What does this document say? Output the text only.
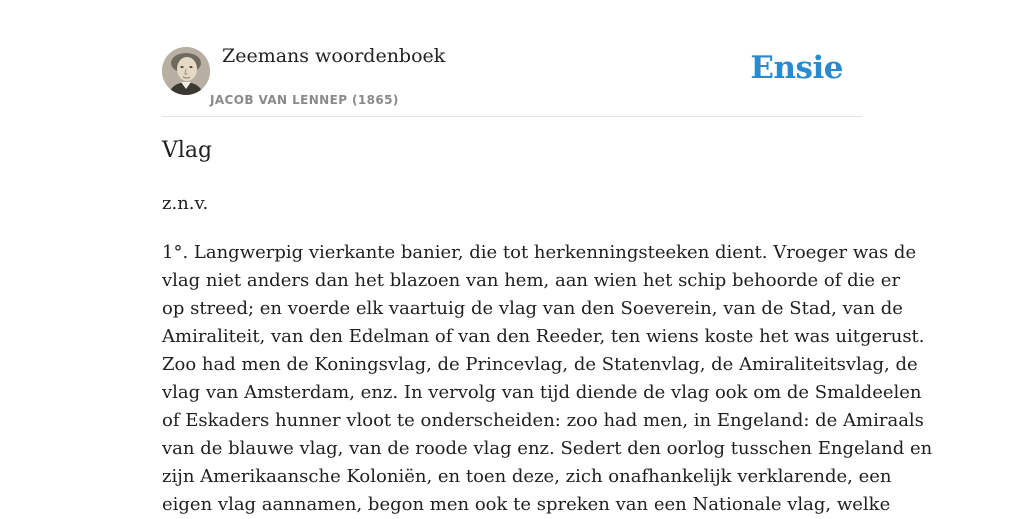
Zeemans woordenboek
JACOB VAN LENNEP (1865)
Ensie
Vlag

z.n.v.

1°. Langwerpig vierkante banier, die tot herkenningsteeken dient. Vroeger was de
vlag niet anders dan het blazoen van hem, aan wien het schip behoorde of die er
op streed; en voerde elk vaartuig de vlag van den Soeverein, van de Stad, van de
Amiraliteit, van den Edelman of van den Reeder, ten wiens koste het was uitgerust.
Zoo had men de Koningsvlag, de Princevlag, de Statenvlag, de Amiraliteitsvlag, de
vlag van Amsterdam, enz. In vervolg van tijd diende de vlag ook om de Smaldeelen
of Eskaders hunner vloot te onderscheiden: zoo had men, in Engeland: de Amiraals
van de blauwe vlag, van de roode vlag enz. Sedert den oorlog tusschen Engeland en
zijn Amerikaansche Koloniën, en toen deze, zich onafhankelijk verklarende, een
eigen vlag aannamen, begon men ook te spreken van een Nationale vlag, welke
